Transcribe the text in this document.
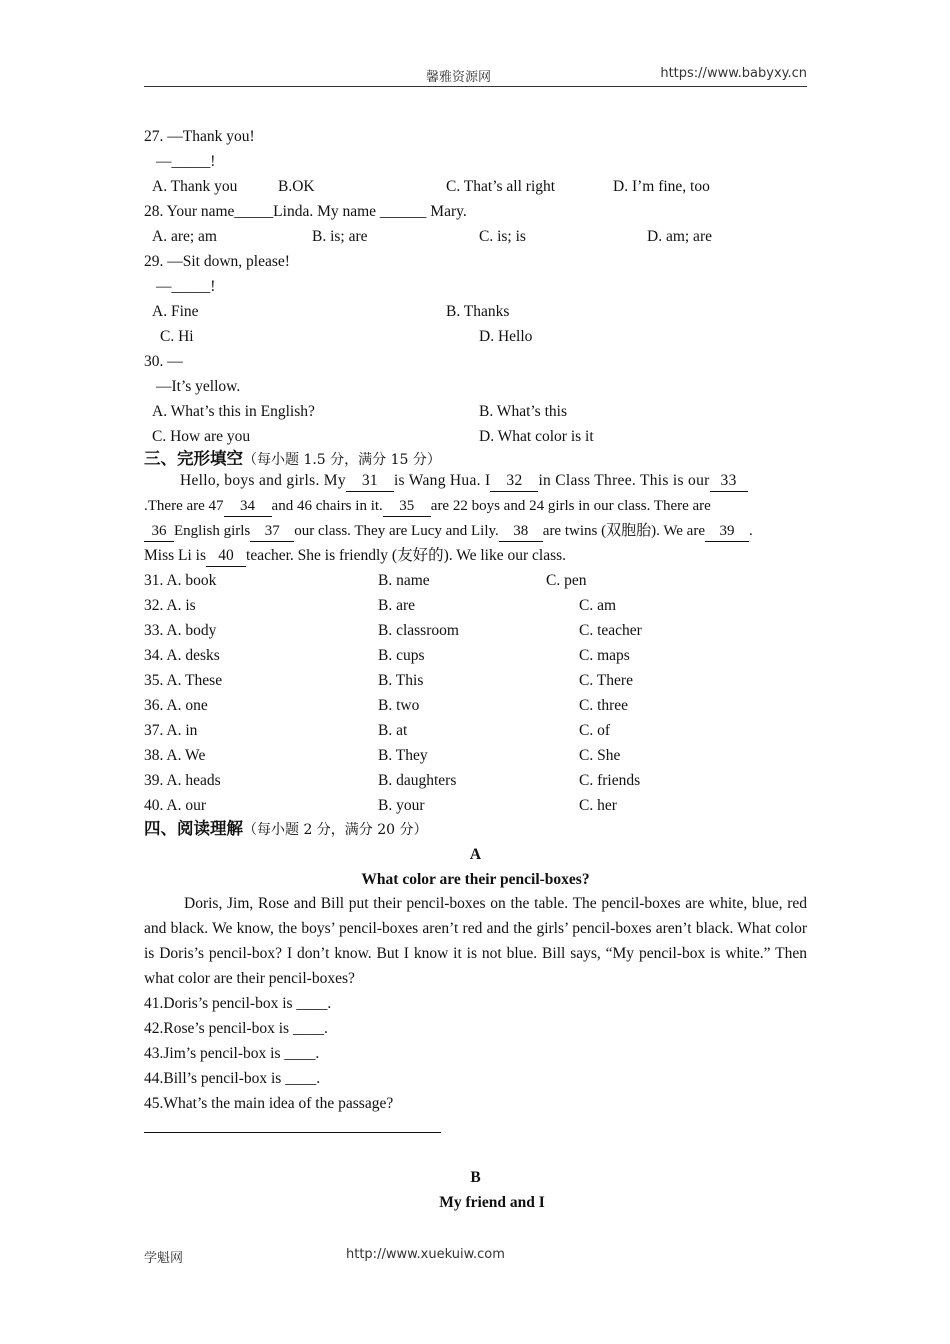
馨雅资源网	https://www.babyxy.cn
27. —Thank you!
—_____!
A. Thank you	B.OK	C. That’s all right	D. I’m fine, too
28. Your name_____Linda. My name ______ Mary.
A. are; am	B. is; are	C. is; is	D. am; are
29. —Sit down, please!
—_____!
A. Fine	B. Thanks
C. Hi	D. Hello
30. —
—It’s yellow.
A. What’s this in English?	B. What’s this
C. How are you	D. What color is it
三、完形填空（每小题 1.5 分，满分 15 分）
Hello, boys and girls. My 31 is Wang Hua. I 32 in Class Three. This is our 33
.There are 47 34 and 46 chairs in it. 35 are 22 boys and 24 girls in our class. There are
36 English girls 37 our class. They are Lucy and Lily. 38 are twins (双胞胎). We are 39 .
Miss Li is 40 teacher. She is friendly (友好的). We like our class.
31. A. book	B. name	C. pen
32. A. is	B. are	C. am
33. A. body	B. classroom	C. teacher
34. A. desks	B. cups	C. maps
35. A. These	B. This	C. There
36. A. one	B. two	C. three
37. A. in	B. at	C. of
38. A. We	B. They	C. She
39. A. heads	B. daughters	C. friends
40. A. our	B. your	C. her
四、阅读理解（每小题 2 分，满分 20 分）
A
What color are their pencil-boxes?
Doris, Jim, Rose and Bill put their pencil-boxes on the table. The pencil-boxes are white, blue, red and black. We know, the boys’ pencil-boxes aren’t red and the girls’ pencil-boxes aren’t black. What color is Doris’s pencil-box? I don’t know. But I know it is not blue. Bill says, “My pencil-box is white.” Then what color are their pencil-boxes?
41.Doris’s pencil-box is ____.
42.Rose’s pencil-box is ____.
43.Jim’s pencil-box is ____.
44.Bill’s pencil-box is ____.
45.What’s the main idea of the passage?
B
My friend and I
学魁网	http://www.xuekuiw.com
